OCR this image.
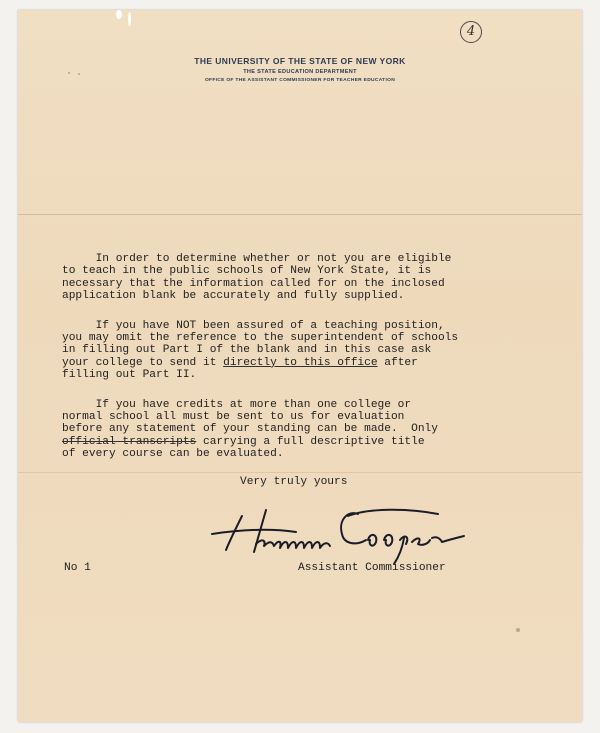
4
THE UNIVERSITY OF THE STATE OF NEW YORK
THE STATE EDUCATION DEPARTMENT
OFFICE OF THE ASSISTANT COMMISSIONER FOR TEACHER EDUCATION
In order to determine whether or not you are eligible
to teach in the public schools of New York State, it is
necessary that the information called for on the inclosed
application blank be accurately and fully supplied.
If you have NOT been assured of a teaching position,
you may omit the reference to the superintendent of schools
in filling out Part I of the blank and in this case ask
your college to send it directly to this office after
filling out Part II.
If you have credits at more than one college or
normal school all must be sent to us for evaluation
before any statement of your standing can be made.  Only
official transcripts carrying a full descriptive title
of every course can be evaluated.
Very truly yours
No 1	Assistant Commissioner
